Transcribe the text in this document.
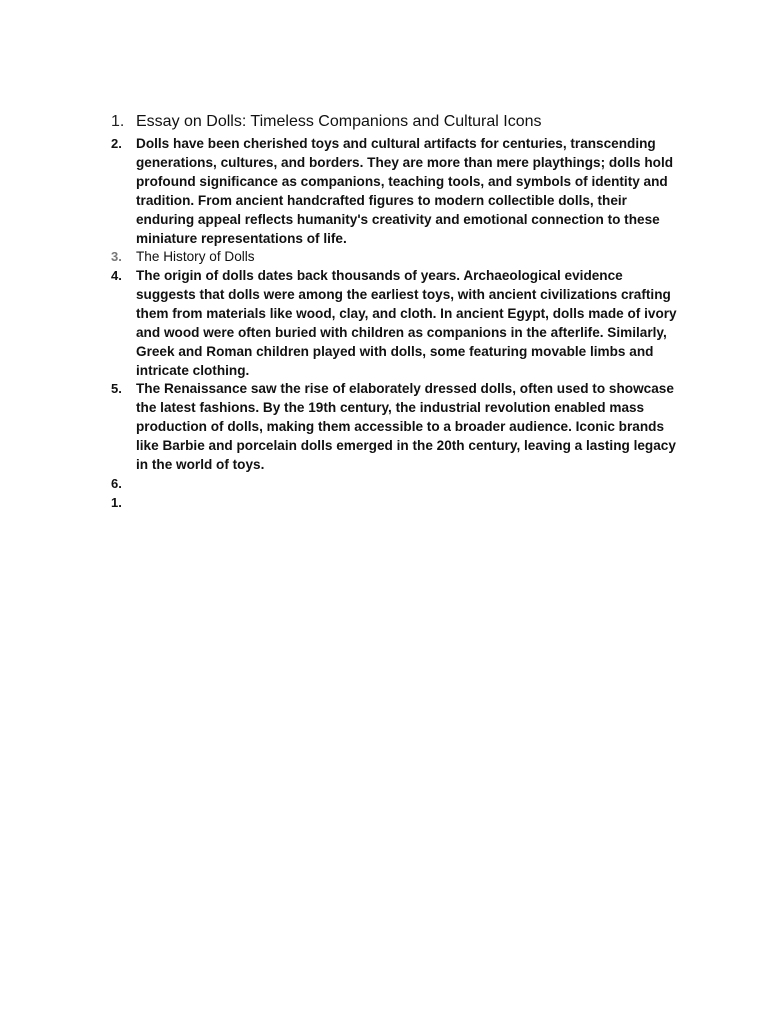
1. Essay on Dolls: Timeless Companions and Cultural Icons
2.	Dolls have been cherished toys and cultural artifacts for centuries, transcending generations, cultures, and borders. They are more than mere playthings; dolls hold profound significance as companions, teaching tools, and symbols of identity and tradition. From ancient handcrafted figures to modern collectible dolls, their enduring appeal reflects humanity's creativity and emotional connection to these miniature representations of life.
3.	The History of Dolls
4.	The origin of dolls dates back thousands of years. Archaeological evidence suggests that dolls were among the earliest toys, with ancient civilizations crafting them from materials like wood, clay, and cloth. In ancient Egypt, dolls made of ivory and wood were often buried with children as companions in the afterlife. Similarly, Greek and Roman children played with dolls, some featuring movable limbs and intricate clothing.
5.	The Renaissance saw the rise of elaborately dressed dolls, often used to showcase the latest fashions. By the 19th century, the industrial revolution enabled mass production of dolls, making them accessible to a broader audience. Iconic brands like Barbie and porcelain dolls emerged in the 20th century, leaving a lasting legacy in the world of toys.
6.
1.
